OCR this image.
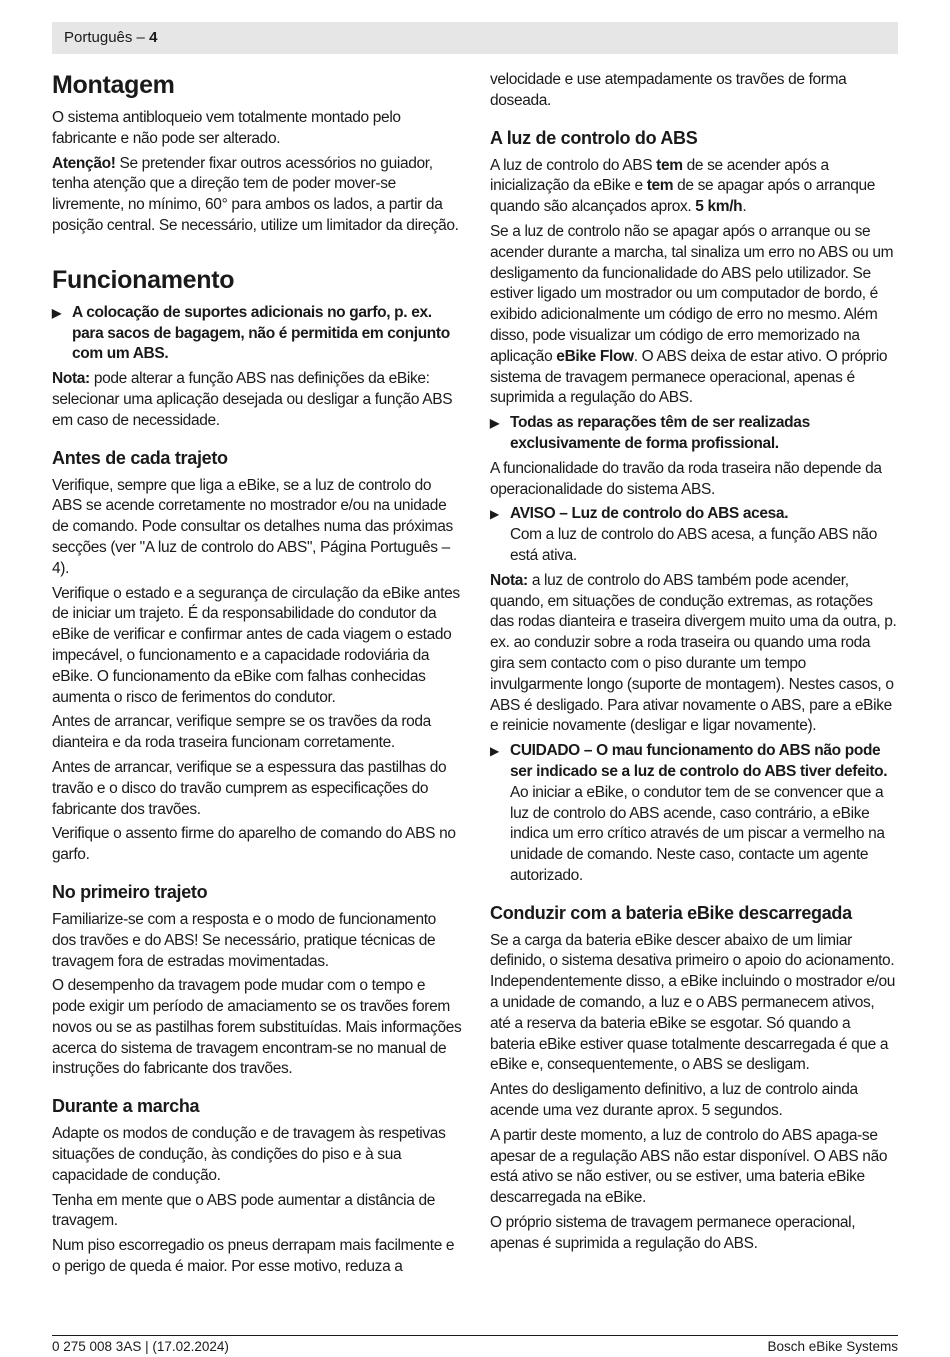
Português – 4
Montagem

O sistema antibloqueio vem totalmente montado pelo fabricante e não pode ser alterado.

Atenção! Se pretender fixar outros acessórios no guiador, tenha atenção que a direção tem de poder mover-se livremente, no mínimo, 60° para ambos os lados, a partir da posição central. Se necessário, utilize um limitador da direção.

Funcionamento
▶ A colocação de suportes adicionais no garfo, p. ex. para sacos de bagagem, não é permitida em conjunto com um ABS.

Nota: pode alterar a função ABS nas definições da eBike: selecionar uma aplicação desejada ou desligar a função ABS em caso de necessidade.

Antes de cada trajeto

Verifique, sempre que liga a eBike, se a luz de controlo do ABS se acende corretamente no mostrador e/ou na unidade de comando. Pode consultar os detalhes numa das próximas secções (ver "A luz de controlo do ABS", Página Português – 4).

Verifique o estado e a segurança de circulação da eBike antes de iniciar um trajeto. É da responsabilidade do condutor da eBike de verificar e confirmar antes de cada viagem o estado impecável, o funcionamento e a capacidade rodoviária da eBike. O funcionamento da eBike com falhas conhecidas aumenta o risco de ferimentos do condutor.

Antes de arrancar, verifique sempre se os travões da roda dianteira e da roda traseira funcionam corretamente.

Antes de arrancar, verifique se a espessura das pastilhas do travão e o disco do travão cumprem as especificações do fabricante dos travões.

Verifique o assento firme do aparelho de comando do ABS no garfo.

No primeiro trajeto

Familiarize-se com a resposta e o modo de funcionamento dos travões e do ABS! Se necessário, pratique técnicas de travagem fora de estradas movimentadas.

O desempenho da travagem pode mudar com o tempo e pode exigir um período de amaciamento se os travões forem novos ou se as pastilhas forem substituídas. Mais informações acerca do sistema de travagem encontram-se no manual de instruções do fabricante dos travões.

Durante a marcha

Adapte os modos de condução e de travagem às respetivas situações de condução, às condições do piso e à sua capacidade de condução.

Tenha em mente que o ABS pode aumentar a distância de travagem.

Num piso escorregadio os pneus derrapam mais facilmente e o perigo de queda é maior. Por esse motivo, reduza a

velocidade e use atempadamente os travões de forma doseada.

A luz de controlo do ABS

A luz de controlo do ABS tem de se acender após a inicialização da eBike e tem de se apagar após o arranque quando são alcançados aprox. 5 km/h.

Se a luz de controlo não se apagar após o arranque ou se acender durante a marcha, tal sinaliza um erro no ABS ou um desligamento da funcionalidade do ABS pelo utilizador. Se estiver ligado um mostrador ou um computador de bordo, é exibido adicionalmente um código de erro no mesmo. Além disso, pode visualizar um código de erro memorizado na aplicação eBike Flow. O ABS deixa de estar ativo. O próprio sistema de travagem permanece operacional, apenas é suprimida a regulação do ABS.

▶ Todas as reparações têm de ser realizadas exclusivamente de forma profissional.

A funcionalidade do travão da roda traseira não depende da operacionalidade do sistema ABS.

▶ AVISO – Luz de controlo do ABS acesa.
Com a luz de controlo do ABS acesa, a função ABS não está ativa.

Nota: a luz de controlo do ABS também pode acender, quando, em situações de condução extremas, as rotações das rodas dianteira e traseira divergem muito uma da outra, p. ex. ao conduzir sobre a roda traseira ou quando uma roda gira sem contacto com o piso durante um tempo invulgarmente longo (suporte de montagem). Nestes casos, o ABS é desligado. Para ativar novamente o ABS, pare a eBike e reinicie novamente (desligar e ligar novamente).

▶ CUIDADO – O mau funcionamento do ABS não pode ser indicado se a luz de controlo do ABS tiver defeito.
Ao iniciar a eBike, o condutor tem de se convencer que a luz de controlo do ABS acende, caso contrário, a eBike indica um erro crítico através de um piscar a vermelho na unidade de comando. Neste caso, contacte um agente autorizado.
Conduzir com a bateria eBike descarregada

Se a carga da bateria eBike descer abaixo de um limiar definido, o sistema desativa primeiro o apoio do acionamento. Independentemente disso, a eBike incluindo o mostrador e/ou a unidade de comando, a luz e o ABS permanecem ativos, até a reserva da bateria eBike se esgotar. Só quando a bateria eBike estiver quase totalmente descarregada é que a eBike e, consequentemente, o ABS se desligam.

Antes do desligamento definitivo, a luz de controlo ainda acende uma vez durante aprox. 5 segundos.

A partir deste momento, a luz de controlo do ABS apaga-se apesar de a regulação ABS não estar disponível. O ABS não está ativo se não estiver, ou se estiver, uma bateria eBike descarregada na eBike.

O próprio sistema de travagem permanece operacional, apenas é suprimida a regulação do ABS.

0 275 008 3AS | (17.02.2024)	Bosch eBike Systems
